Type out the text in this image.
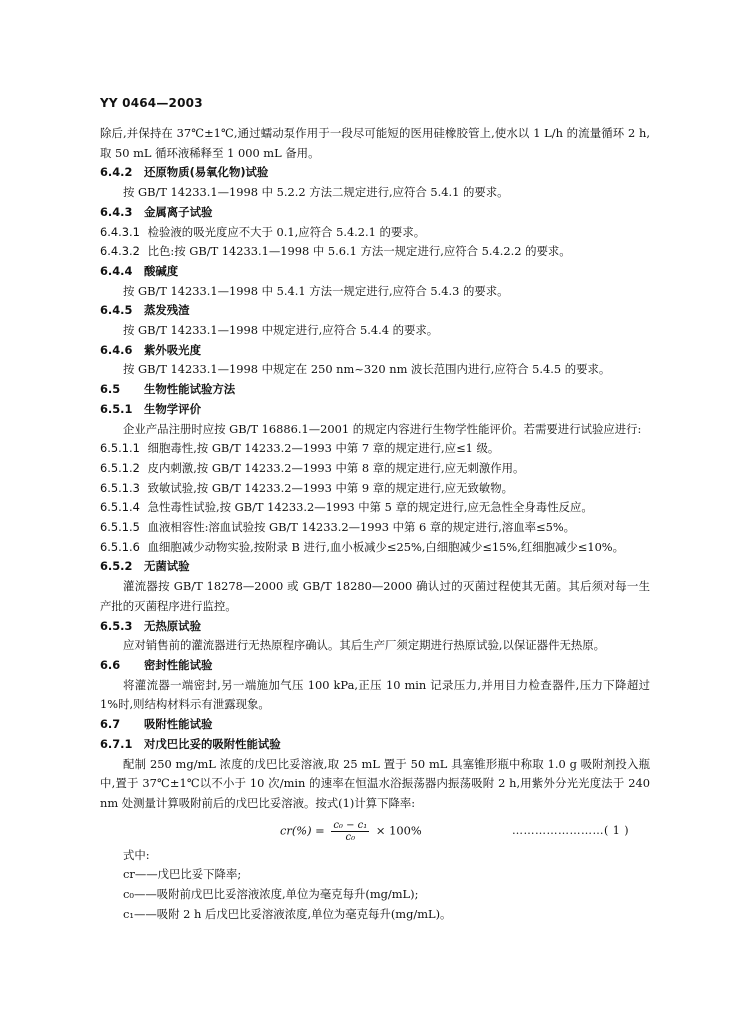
YY 0464—2003

除后,并保持在 37℃±1℃,通过蠕动泵作用于一段尽可能短的医用硅橡胶管上,使水以 1 L/h 的流量循环 2 h,取 50 mL 循环液稀释至 1 000 mL 备用。

6.4.2 还原物质(易氧化物)试验

按 GB/T 14233.1—1998 中 5.2.2 方法二规定进行,应符合 5.4.1 的要求。

6.4.3 金属离子试验

6.4.3.1 检验液的吸光度应不大于 0.1,应符合 5.4.2.1 的要求。

6.4.3.2 比色:按 GB/T 14233.1—1998 中 5.6.1 方法一规定进行,应符合 5.4.2.2 的要求。

6.4.4 酸碱度

按 GB/T 14233.1—1998 中 5.4.1 方法一规定进行,应符合 5.4.3 的要求。

6.4.5 蒸发残渣

按 GB/T 14233.1—1998 中规定进行,应符合 5.4.4 的要求。

6.4.6 紫外吸光度

按 GB/T 14233.1—1998 中规定在 250 nm~320 nm 波长范围内进行,应符合 5.4.5 的要求。

6.5 生物性能试验方法

6.5.1 生物学评价

企业产品注册时应按 GB/T 16886.1—2001 的规定内容进行生物学性能评价。若需要进行试验应进行:

6.5.1.1 细胞毒性,按 GB/T 14233.2—1993 中第 7 章的规定进行,应≤1 级。

6.5.1.2 皮内刺激,按 GB/T 14233.2—1993 中第 8 章的规定进行,应无刺激作用。

6.5.1.3 致敏试验,按 GB/T 14233.2—1993 中第 9 章的规定进行,应无致敏物。

6.5.1.4 急性毒性试验,按 GB/T 14233.2—1993 中第 5 章的规定进行,应无急性全身毒性反应。

6.5.1.5 血液相容性:溶血试验按 GB/T 14233.2—1993 中第 6 章的规定进行,溶血率≤5%。

6.5.1.6 血细胞减少动物实验,按附录 B 进行,血小板减少≤25%,白细胞减少≤15%,红细胞减少≤10%。

6.5.2 无菌试验

灌流器按 GB/T 18278—2000 或 GB/T 18280—2000 确认过的灭菌过程使其无菌。其后须对每一生产批的灭菌程序进行监控。

6.5.3 无热原试验

应对销售前的灌流器进行无热原程序确认。其后生产厂须定期进行热原试验,以保证器件无热原。

6.6 密封性能试验

将灌流器一端密封,另一端施加气压 100 kPa,正压 10 min 记录压力,并用目力检查器件,压力下降超过 1%时,则结构材料示有泄露现象。

6.7 吸附性能试验

6.7.1 对戊巴比妥的吸附性能试验

配制 250 mg/mL 浓度的戊巴比妥溶液,取 25 mL 置于 50 mL 具塞锥形瓶中称取 1.0 g 吸附剂投入瓶中,置于 37℃±1℃以不小于 10 次/min 的速率在恒温水浴振荡器内振荡吸附 2 h,用紫外分光光度法于 240 nm 处测量计算吸附前后的戊巴比妥溶液。按式(1)计算下降率:

$cr(\%) = \frac{\text{c₀ − c₁}}{\text{c₀}} \times 100\%$	……………………( 1 )

式中:

cr——戊巴比妥下降率;

c₀——吸附前戊巴比妥溶液浓度,单位为毫克每升(mg/mL);

c₁——吸附 2 h 后戊巴比妥溶液浓度,单位为毫克每升(mg/mL)。
